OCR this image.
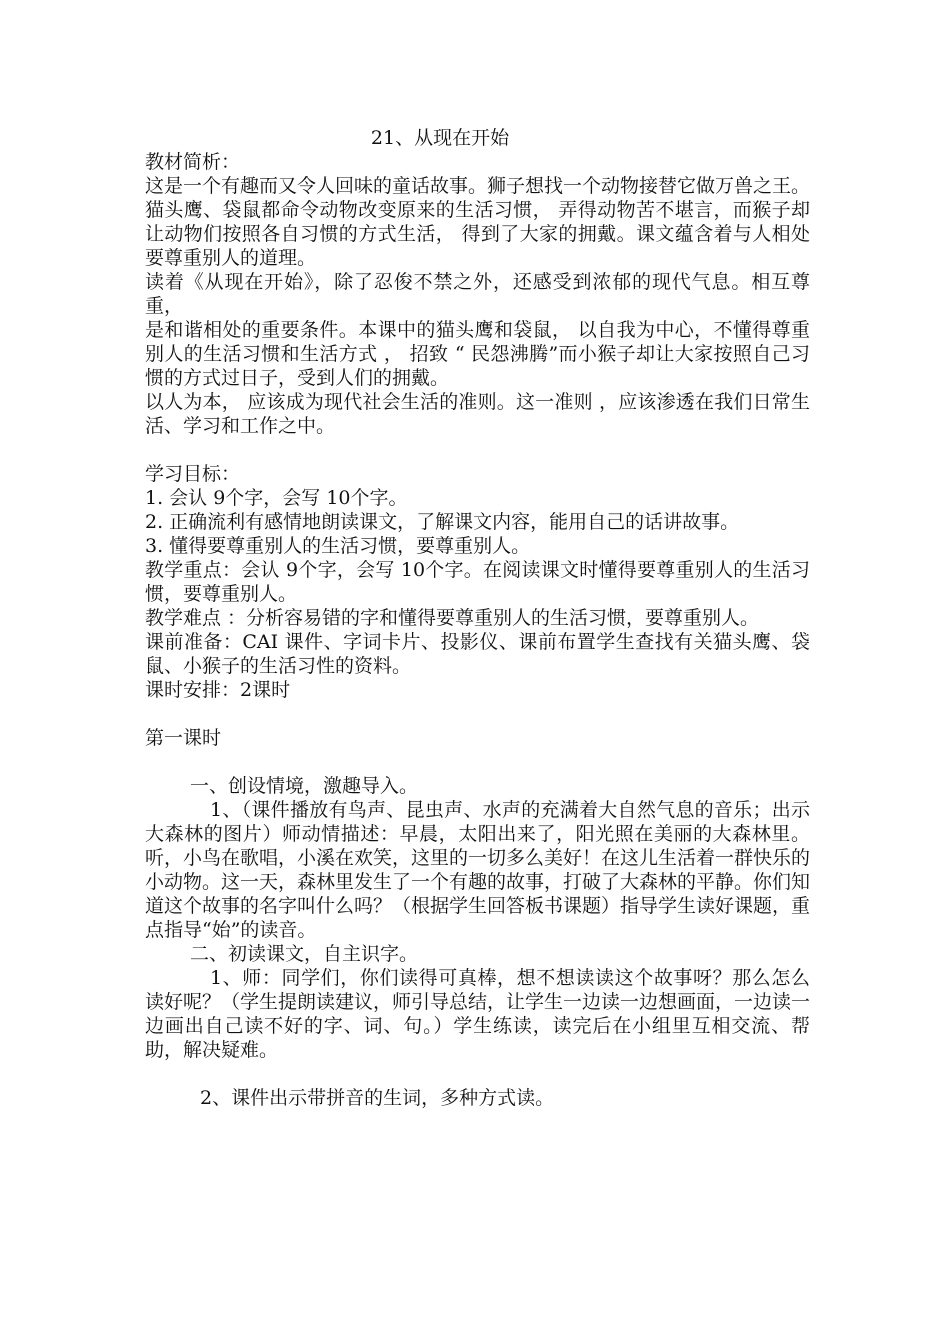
21、从现在开始

教材简析：

这是一个有趣而又令人回味的童话故事。狮子想找一个动物接替它做万兽之王。猫头鹰、袋鼠都命令动物改变原来的生活习惯， 弄得动物苦不堪言，而猴子却让动物们按照各自习惯的方式生活， 得到了大家的拥戴。课文蕴含着与人相处要尊重别人的道理。

读着《从现在开始》，除了忍俊不禁之外，还感受到浓郁的现代气息。相互尊重，

是和谐相处的重要条件。本课中的猫头鹰和袋鼠， 以自我为中心，不懂得尊重别人的生活习惯和生活方式 ， 招致 “ 民怨沸腾”而小猴子却让大家按照自己习惯的方式过日子，受到人们的拥戴。

以人为本， 应该成为现代社会生活的准则。这一准则 ，应该渗透在我们日常生活、学习和工作之中。

学习目标：

1. 会认 9个字，会写 10个字。

2. 正确流利有感情地朗读课文，了解课文内容，能用自己的话讲故事。

3. 懂得要尊重别人的生活习惯，要尊重别人。

教学重点：会认 9个字，会写 10个字。在阅读课文时懂得要尊重别人的生活习惯，要尊重别人。

教学难点 ：分析容易错的字和懂得要尊重别人的生活习惯，要尊重别人。

课前准备：CAI 课件、字词卡片、投影仪、课前布置学生查找有关猫头鹰、袋鼠、小猴子的生活习性的资料。

课时安排：2课时

第一课时

一、创设情境，激趣导入。

1、（课件播放有鸟声、昆虫声、水声的充满着大自然气息的音乐；出示大森林的图片）师动情描述：早晨，太阳出来了，阳光照在美丽的大森林里。听，小鸟在歌唱，小溪在欢笑，这里的一切多么美好！在这儿生活着一群快乐的小动物。这一天，森林里发生了一个有趣的故事，打破了大森林的平静。你们知道这个故事的名字叫什么吗？（根据学生回答板书课题）指导学生读好课题，重点指导“始”的读音。

二、初读课文，自主识字。

1、师：同学们，你们读得可真棒，想不想读读这个故事呀？那么怎么读好呢？（学生提朗读建议，师引导总结，让学生一边读一边想画面，一边读一边画出自己读不好的字、词、句。）学生练读，读完后在小组里互相交流、帮助，解决疑难。

2、课件出示带拼音的生词，多种方式读。
